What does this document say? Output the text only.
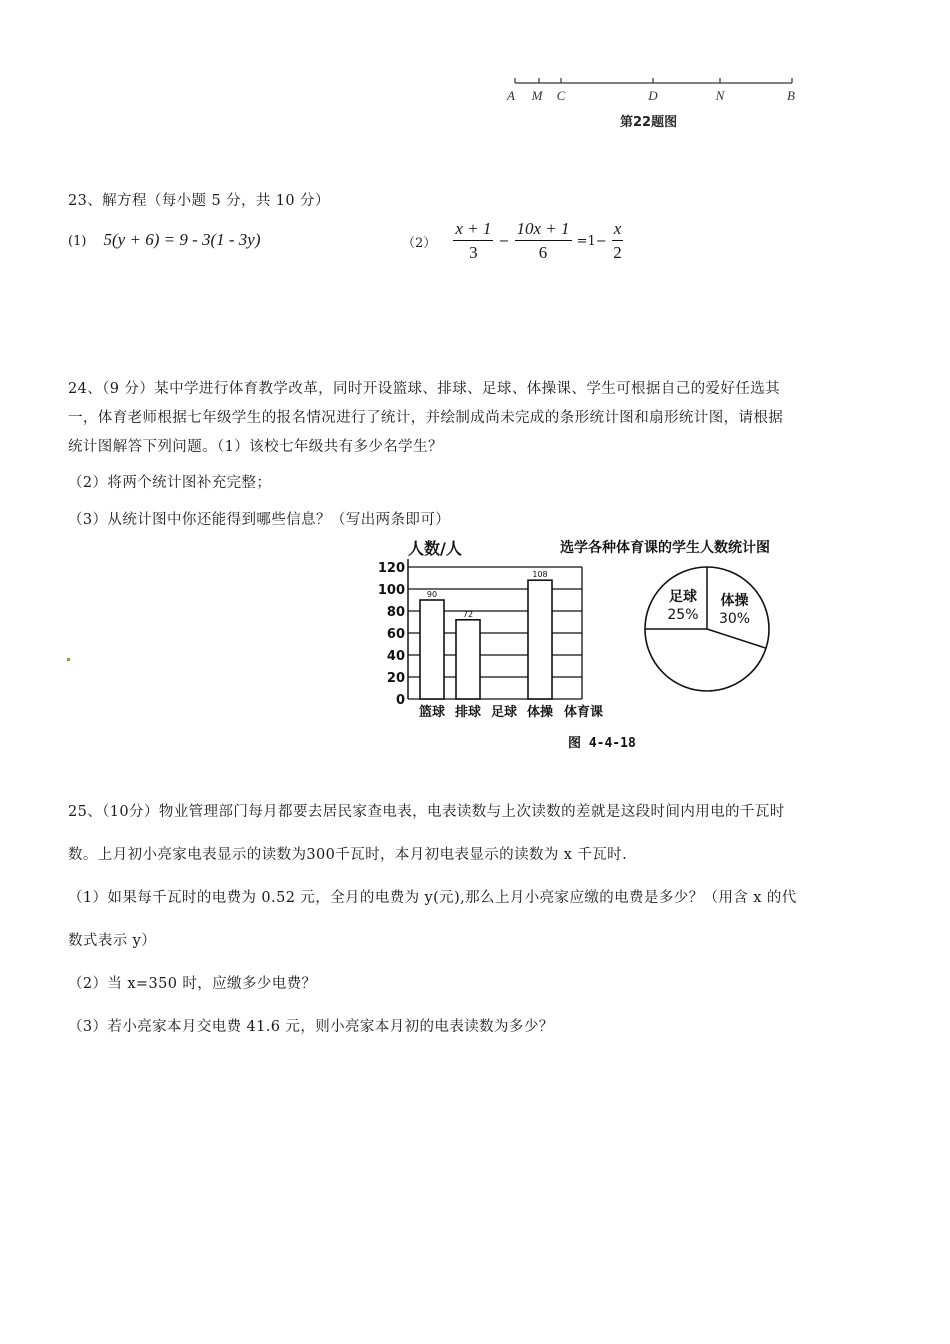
A M C	D	N	B
第22题图
23、解方程（每小题 5 分，共 10 分）
(1) 5(y + 6) = 9 - 3(1 - 3y)	$(2) \frac{x + 1}{3} - \frac{10x + 1}{6} =1- \frac{x}{2}$
24、（9 分）某中学进行体育教学改革，同时开设篮球、排球、足球、体操课、学生可根据自己的爱好任选其
一，体育老师根据七年级学生的报名情况进行了统计，并绘制成尚未完成的条形统计图和扇形统计图，请根据
统计图解答下列问题。（1）该校七年级共有多少名学生？
（2）将两个统计图补充完整；
（3）从统计图中你还能得到哪些信息？（写出两条即可）
人数/人
0
20
40
60
80
100
120
90
72
108
篮球 排球 足球 体操 体育课
选学各种体育课的学生人数统计图
足球
25%
体操
30%
图 4-4-18
25、（10分）物业管理部门每月都要去居民家查电表，电表读数与上次读数的差就是这段时间内用电的千瓦时
数。上月初小亮家电表显示的读数为300千瓦时，本月初电表显示的读数为 x 千瓦时.
（1）如果每千瓦时的电费为 0.52 元，全月的电费为 y(元),那么上月小亮家应缴的电费是多少？（用含 x 的代
数式表示 y）
（2）当 x=350 时，应缴多少电费？
（3）若小亮家本月交电费 41.6 元，则小亮家本月初的电表读数为多少？
